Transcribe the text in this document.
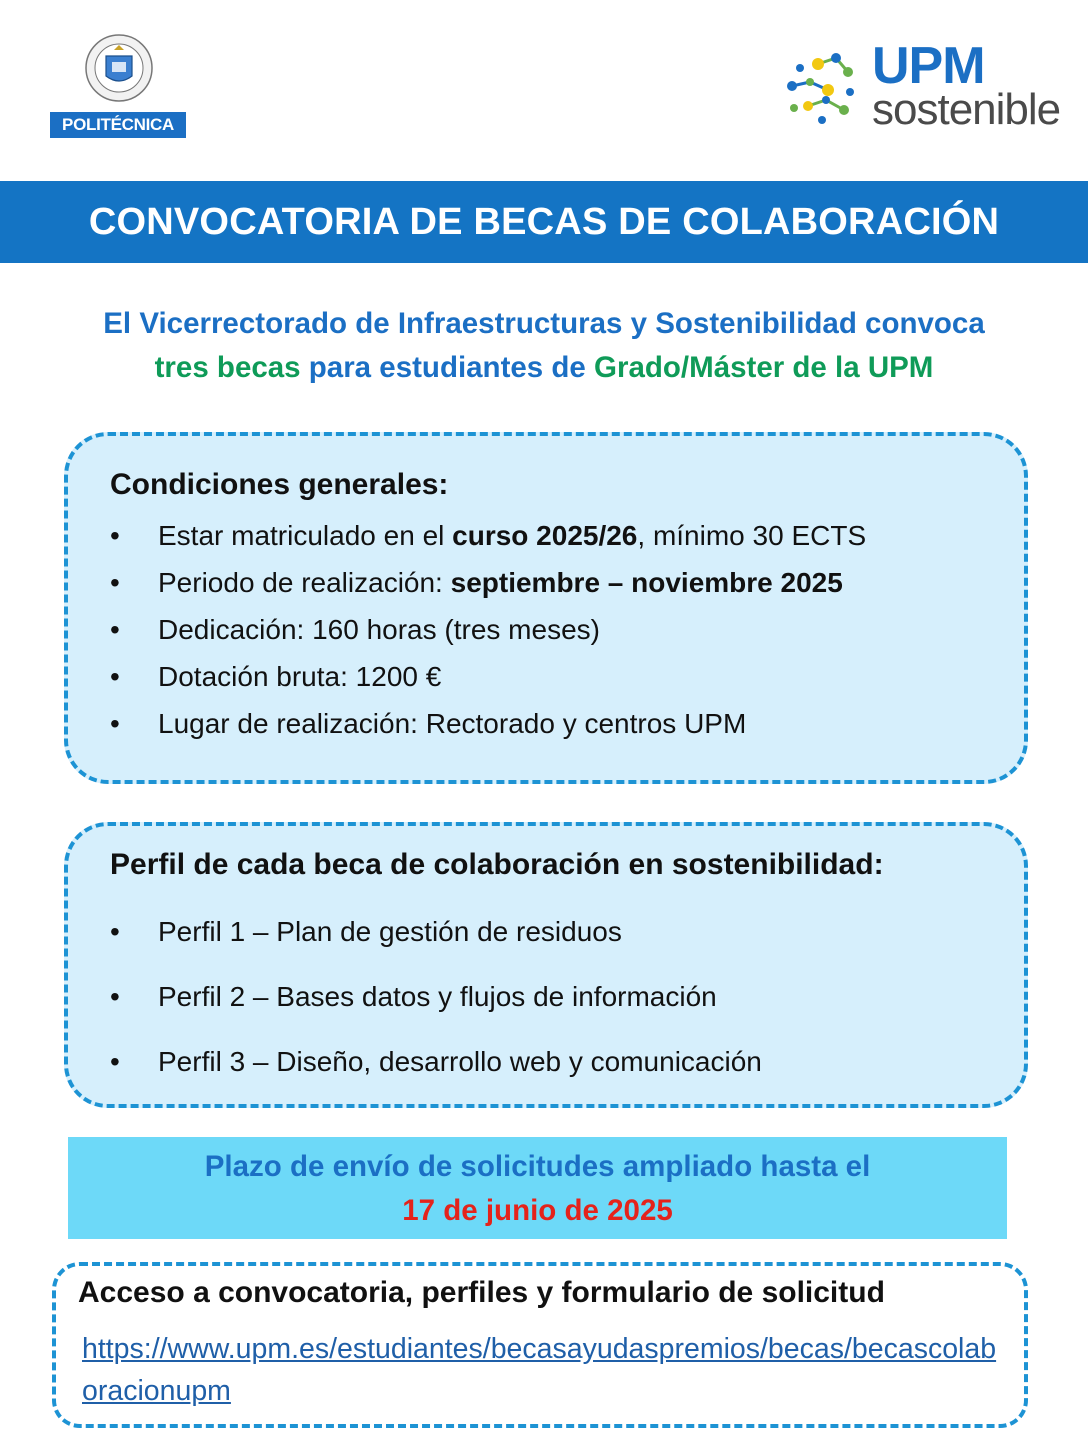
POLITÉCNICA
UPM
sostenible
CONVOCATORIA DE BECAS DE COLABORACIÓN
El Vicerrectorado de Infraestructuras y Sostenibilidad convoca
tres becas para estudiantes de Grado/Máster de la UPM
Condiciones generales:
• Estar matriculado en el curso 2025/26, mínimo 30 ECTS
• Periodo de realización: septiembre – noviembre 2025
• Dedicación: 160 horas (tres meses)
• Dotación bruta: 1200 €
• Lugar de realización: Rectorado y centros UPM
Perfil de cada beca de colaboración en sostenibilidad:
• Perfil 1 – Plan de gestión de residuos
• Perfil 2 – Bases datos y flujos de información
• Perfil 3 – Diseño, desarrollo web y comunicación
Plazo de envío de solicitudes ampliado hasta el
17 de junio de 2025
Acceso a convocatoria, perfiles y formulario de solicitud
https://www.upm.es/estudiantes/becasayudaspremios/becas/becascolaboracionupm
